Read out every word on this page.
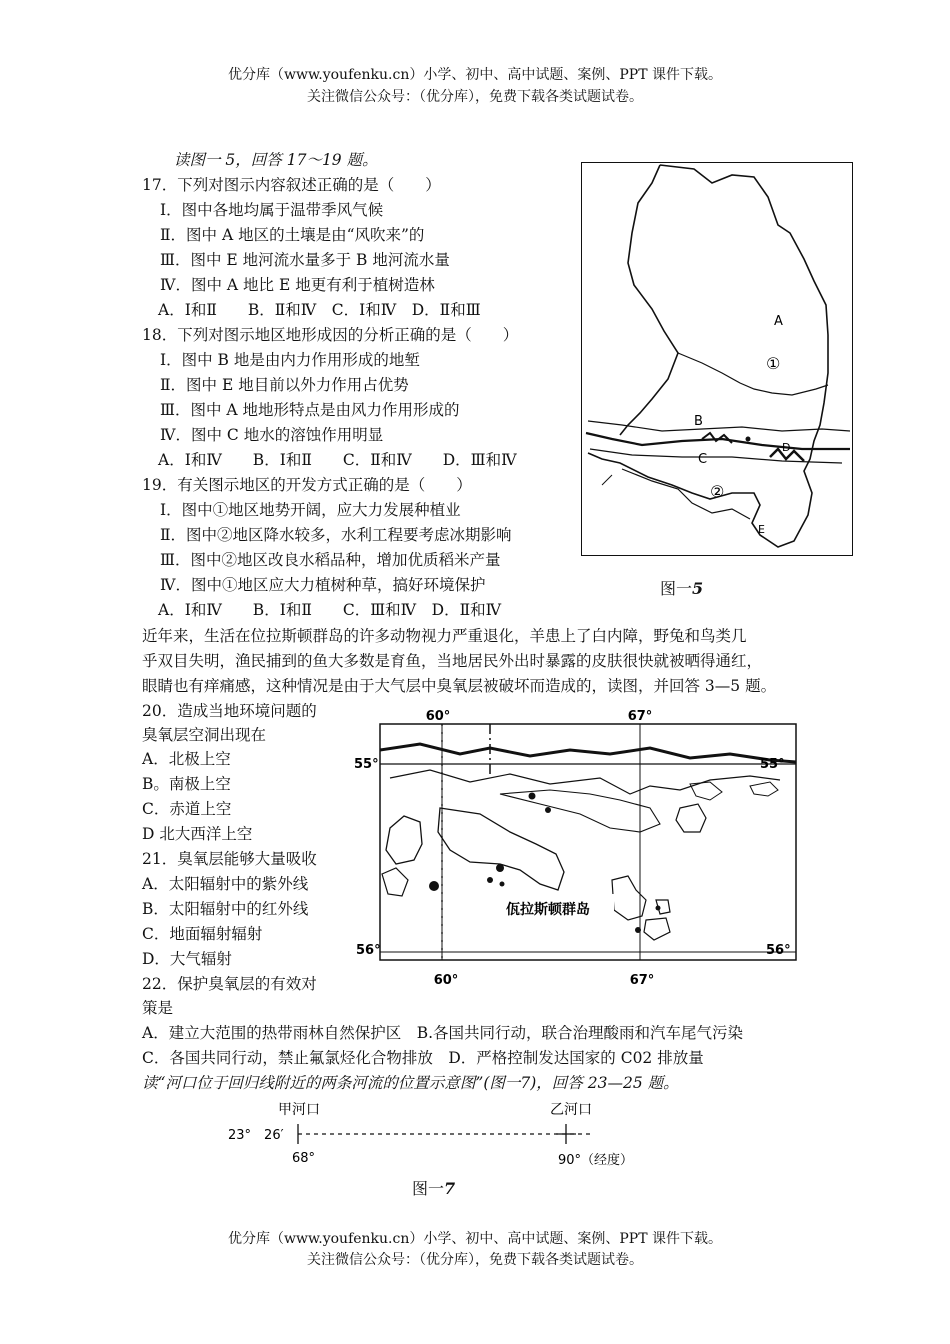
优分库（www.youfenku.cn）小学、初中、高中试题、案例、PPT 课件下载。
关注微信公众号：（优分库），免费下载各类试题试卷。
读图一 5，回答 17～19 题。
17．下列对图示内容叙述正确的是（　　）
Ⅰ．图中各地均属于温带季风气候
Ⅱ．图中 A 地区的土壤是由“风吹来”的
Ⅲ．图中 E 地河流水量多于 B 地河流水量
Ⅳ．图中 A 地比 E 地更有利于植树造林
A．Ⅰ和Ⅱ　　B．Ⅱ和Ⅳ　C．Ⅰ和Ⅳ　D．Ⅱ和Ⅲ
18．下列对图示地区地形成因的分析正确的是（　　）
Ⅰ．图中 B 地是由内力作用形成的地堑
Ⅱ．图中 E 地目前以外力作用占优势
Ⅲ．图中 A 地地形特点是由风力作用形成的
Ⅳ．图中 C 地水的溶蚀作用明显
A．Ⅰ和Ⅳ　　B．Ⅰ和Ⅱ　　C．Ⅱ和Ⅳ　　D．Ⅲ和Ⅳ
19．有关图示地区的开发方式正确的是（　　）
Ⅰ．图中①地区地势开阔，应大力发展种植业
Ⅱ．图中②地区降水较多，水利工程要考虑冰期影响
Ⅲ．图中②地区改良水稻品种，增加优质稻米产量
Ⅳ．图中①地区应大力植树种草，搞好环境保护
A．Ⅰ和Ⅳ　　B．Ⅰ和Ⅱ　　C．Ⅲ和Ⅳ　D．Ⅱ和Ⅳ
A
B
C
D
E
①
②
图一5
近年来，生活在位拉斯顿群岛的许多动物视力严重退化，羊患上了白内障，野兔和鸟类几
乎双目失明，渔民捕到的鱼大多数是育鱼，当地居民外出时暴露的皮肤很快就被晒得通红，
眼睛也有痒痛感，这种情况是由于大气层中臭氧层被破坏而造成的，读图，并回答 3—5 题。
20．造成当地环境问题的
臭氧层空洞出现在
A．北极上空
B。南极上空
C．赤道上空
D 北大西洋上空
21．臭氧层能够大量吸收
A．太阳辐射中的紫外线
B．太阳辐射中的红外线
C．地面辐射辐射
D．大气辐射
22．保护臭氧层的有效对
策是
A．建立大范围的热带雨林自然保护区　B.各国共同行动，联合治理酸雨和汽车尾气污染
C．各国共同行动，禁止氟氯烃化合物排放　D．严格控制发达国家的 C02 排放量
60°	67°
60°	67°
55°	55°
56°	56°
佤拉斯顿群岛
读“河口位于回归线附近的两条河流的位置示意图”(图一7)，回答 23—25 题。
甲河口	乙河口
23°　26′
68°	90°（经度）
图一7
优分库（www.youfenku.cn）小学、初中、高中试题、案例、PPT 课件下载。
关注微信公众号：（优分库），免费下载各类试题试卷。
